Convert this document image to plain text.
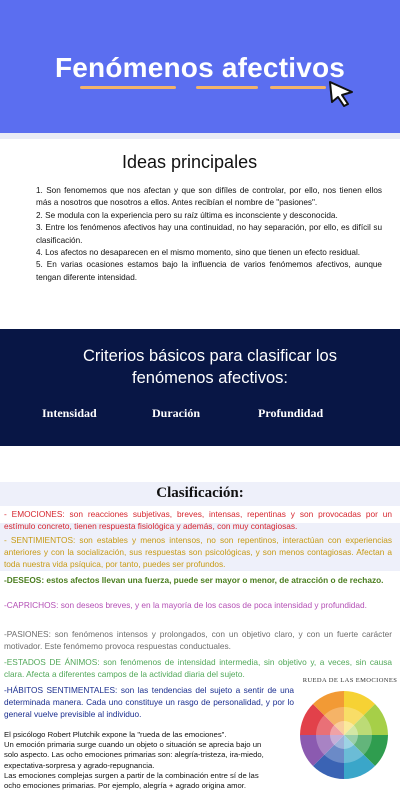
Fenómenos afectivos
Ideas principales

1. Son fenomemos que nos afectan y que son difíles de controlar, por ello, nos tienen ellos más a nosotros que nosotros a ellos. Antes recibían el nombre de "pasiones".

2. Se modula con la experiencia pero su raíz última es inconsciente y desconocida.

3. Entre los fenómenos afectivos hay una continuidad, no hay separación, por ello, es difícil su clasificación.

4. Los afectos no desaparecen en el mismo momento, sino que tienen un efecto residual.

5. En varias ocasiones estamos bajo la influencia de varios fenómemos afectivos, aunque tengan diferente intensidad.

Criterios básicos para clasificar los fenómenos afectivos:
Intensidad	Duración	Profundidad
Clasificación:
- EMOCIONES: son reacciones subjetivas, breves, intensas, repentinas y son provocadas por un estímulo concreto, tienen respuesta fisiológica y además, con muy contagiosas.
- SENTIMIENTOS: son estables y menos intensos, no son repentinos, interactúan con experiencias anteriores y con la socialización, sus respuestas son psicológicas, y son menos contagiosas. Afectan a toda nuestra vida psíquica, por tanto, puedes ser profundos.
-DESEOS: estos afectos llevan una fuerza, puede ser mayor o menor, de atracción o de rechazo.
-CAPRICHOS: son deseos breves, y en la mayoría de los casos de poca intensidad y profundidad.
-PASIONES: son fenómenos intensos y prolongados, con un objetivo claro, y con un fuerte carácter motivador. Este fenómemo provoca respuestas conductuales.
-ESTADOS DE ÁNIMOS: son fenómenos de intensidad intermedia, sin objetivo y, a veces, sin causa clara. Afecta a diferentes campos de la actividad diaria del sujeto.
-HÁBITOS SENTIMENTALES: son las tendencias del sujeto a sentir de una determinada manera. Cada uno constituye un rasgo de personalidad, y por lo general vuelve previsible al individuo.

El psicólogo Robert Plutchik expone la "rueda de las emociones".

Un emoción primaria surge cuando un objeto o situación se aprecia bajo un solo aspecto. Las ocho emociones primarias son: alegría-tristeza, ira-miedo, expectativa-sorpresa y agrado-repugnancia.

Las emociones complejas surgen a partir de la combinación entre sí de las ocho emociones primarias. Por ejemplo, alegría + agrado origina amor.

RUEDA DE LAS EMOCIONES
